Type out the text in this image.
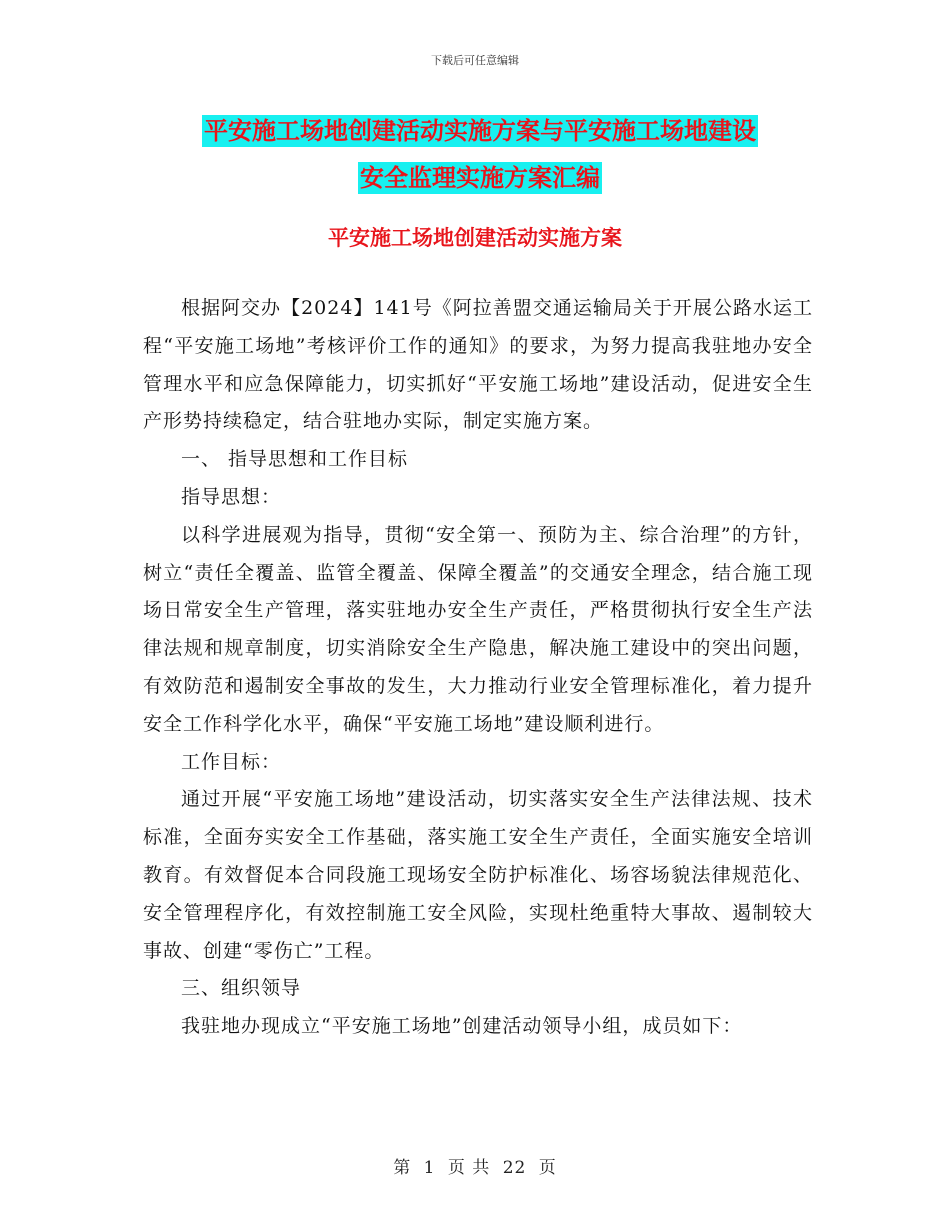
下载后可任意编辑
平安施工场地创建活动实施方案与平安施工场地建设
安全监理实施方案汇编
平安施工场地创建活动实施方案

根据阿交办【2024】141号《阿拉善盟交通运输局关于开展公路水运工程“平安施工场地”考核评价工作的通知》的要求，为努力提高我驻地办安全管理水平和应急保障能力，切实抓好“平安施工场地”建设活动，促进安全生产形势持续稳定，结合驻地办实际，制定实施方案。

一、 指导思想和工作目标

指导思想：

以科学进展观为指导，贯彻“安全第一、预防为主、综合治理”的方针，树立“责任全覆盖、监管全覆盖、保障全覆盖”的交通安全理念，结合施工现场日常安全生产管理，落实驻地办安全生产责任，严格贯彻执行安全生产法律法规和规章制度，切实消除安全生产隐患，解决施工建设中的突出问题，有效防范和遏制安全事故的发生，大力推动行业安全管理标准化，着力提升安全工作科学化水平，确保“平安施工场地”建设顺利进行。

工作目标：

通过开展“平安施工场地”建设活动，切实落实安全生产法律法规、技术标准，全面夯实安全工作基础，落实施工安全生产责任，全面实施安全培训教育。有效督促本合同段施工现场安全防护标准化、场容场貌法律规范化、安全管理程序化，有效控制施工安全风险，实现杜绝重特大事故、遏制较大事故、创建“零伤亡”工程。

三、组织领导

我驻地办现成立“平安施工场地”创建活动领导小组，成员如下：

第 1 页 共 22 页
